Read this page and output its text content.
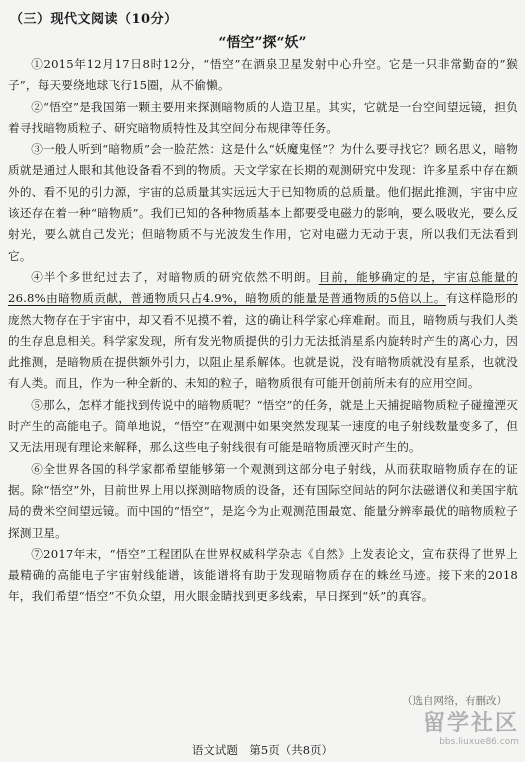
（三）现代文阅读（10分）
“悟空”探“妖”

①2015年12月17日8时12分，“悟空”在酒泉卫星发射中心升空。它是一只非常勤奋的“猴子”，每天要绕地球飞行15圈，从不偷懒。

②“悟空”是我国第一颗主要用来探测暗物质的人造卫星。其实，它就是一台空间望远镜，担负着寻找暗物质粒子、研究暗物质特性及其空间分布规律等任务。

③一般人听到“暗物质”会一脸茫然：这是什么“妖魔鬼怪”？为什么要寻找它？顾名思义，暗物质就是通过人眼和其他设备看不到的物质。天文学家在长期的观测研究中发现：许多星系中存在额外的、看不见的引力源，宇宙的总质量其实远远大于已知物质的总质量。他们据此推测，宇宙中应该还存在着一种“暗物质”。我们已知的各种物质基本上都要受电磁力的影响，要么吸收光，要么反射光，要么就自己发光；但暗物质不与光波发生作用，它对电磁力无动于衷，所以我们无法看到它。

④半个多世纪过去了，对暗物质的研究依然不明朗。目前，能够确定的是，宇宙总能量的26.8%由暗物质贡献，普通物质只占4.9%，暗物质的能量是普通物质的5倍以上。有这样隐形的庞然大物存在于宇宙中，却又看不见摸不着，这的确让科学家心痒难耐。而且，暗物质与我们人类的生存息息相关。科学家发现，所有发光物质提供的引力无法抵消星系内旋转时产生的离心力，因此推测，是暗物质在提供额外引力，以阻止星系解体。也就是说，没有暗物质就没有星系，也就没有人类。而且，作为一种全新的、未知的粒子，暗物质很有可能开创前所未有的应用空间。

⑤那么，怎样才能找到传说中的暗物质呢？“悟空”的任务，就是上天捕捉暗物质粒子碰撞湮灭时产生的高能电子。简单地说，“悟空”在观测中如果突然发现某一速度的电子射线数量变多了，但又无法用现有理论来解释，那么这些电子射线很有可能是暗物质湮灭时产生的。

⑥全世界各国的科学家都希望能够第一个观测到这部分电子射线，从而获取暗物质存在的证据。除“悟空”外，目前世界上用以探测暗物质的设备，还有国际空间站的阿尔法磁谱仪和美国宇航局的费米空间望远镜。而中国的“悟空”，是迄今为止观测范围最宽、能量分辨率最优的暗物质粒子探测卫星。

⑦2017年末，“悟空”工程团队在世界权威科学杂志《自然》上发表论文，宣布获得了世界上最精确的高能电子宇宙射线能谱，该能谱将有助于发现暗物质存在的蛛丝马迹。接下来的2018年，我们希望“悟空”不负众望，用火眼金睛找到更多线索，早日探到“妖”的真容。

（选自网络，有删改）
语文试题　第5页（共8页）
留学社区
bbs.liuxue86.com
